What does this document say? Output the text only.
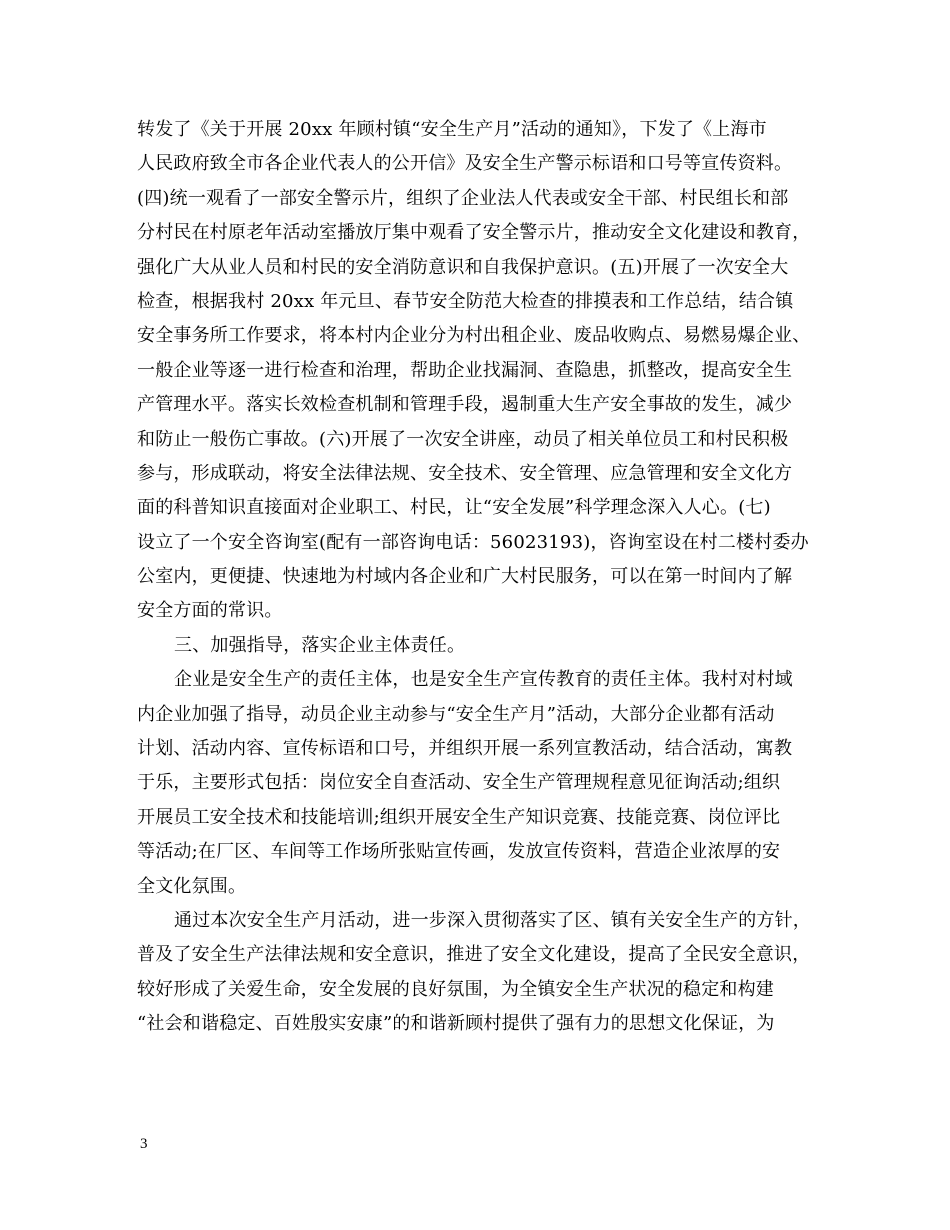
转发了《关于开展 20xx 年顾村镇“安全生产月”活动的通知》，下发了《上海市
人民政府致全市各企业代表人的公开信》及安全生产警示标语和口号等宣传资料。
(四)统一观看了一部安全警示片，组织了企业法人代表或安全干部、村民组长和部
分村民在村原老年活动室播放厅集中观看了安全警示片，推动安全文化建设和教育，
强化广大从业人员和村民的安全消防意识和自我保护意识。(五)开展了一次安全大
检查，根据我村 20xx 年元旦、春节安全防范大检查的排摸表和工作总结，结合镇
安全事务所工作要求，将本村内企业分为村出租企业、废品收购点、易燃易爆企业、
一般企业等逐一进行检查和治理，帮助企业找漏洞、查隐患，抓整改，提高安全生
产管理水平。落实长效检查机制和管理手段，遏制重大生产安全事故的发生，减少
和防止一般伤亡事故。(六)开展了一次安全讲座，动员了相关单位员工和村民积极
参与，形成联动，将安全法律法规、安全技术、安全管理、应急管理和安全文化方
面的科普知识直接面对企业职工、村民，让“安全发展”科学理念深入人心。(七)
设立了一个安全咨询室(配有一部咨询电话：56023193)，咨询室设在村二楼村委办
公室内，更便捷、快速地为村域内各企业和广大村民服务，可以在第一时间内了解
安全方面的常识。
三、加强指导，落实企业主体责任。
企业是安全生产的责任主体，也是安全生产宣传教育的责任主体。我村对村域
内企业加强了指导，动员企业主动参与“安全生产月”活动，大部分企业都有活动
计划、活动内容、宣传标语和口号，并组织开展一系列宣教活动，结合活动，寓教
于乐，主要形式包括：岗位安全自查活动、安全生产管理规程意见征询活动;组织
开展员工安全技术和技能培训;组织开展安全生产知识竞赛、技能竞赛、岗位评比
等活动;在厂区、车间等工作场所张贴宣传画，发放宣传资料，营造企业浓厚的安
全文化氛围。
通过本次安全生产月活动，进一步深入贯彻落实了区、镇有关安全生产的方针，
普及了安全生产法律法规和安全意识，推进了安全文化建设，提高了全民安全意识，
较好形成了关爱生命，安全发展的良好氛围，为全镇安全生产状况的稳定和构建
“社会和谐稳定、百姓殷实安康”的和谐新顾村提供了强有力的思想文化保证，为
3
